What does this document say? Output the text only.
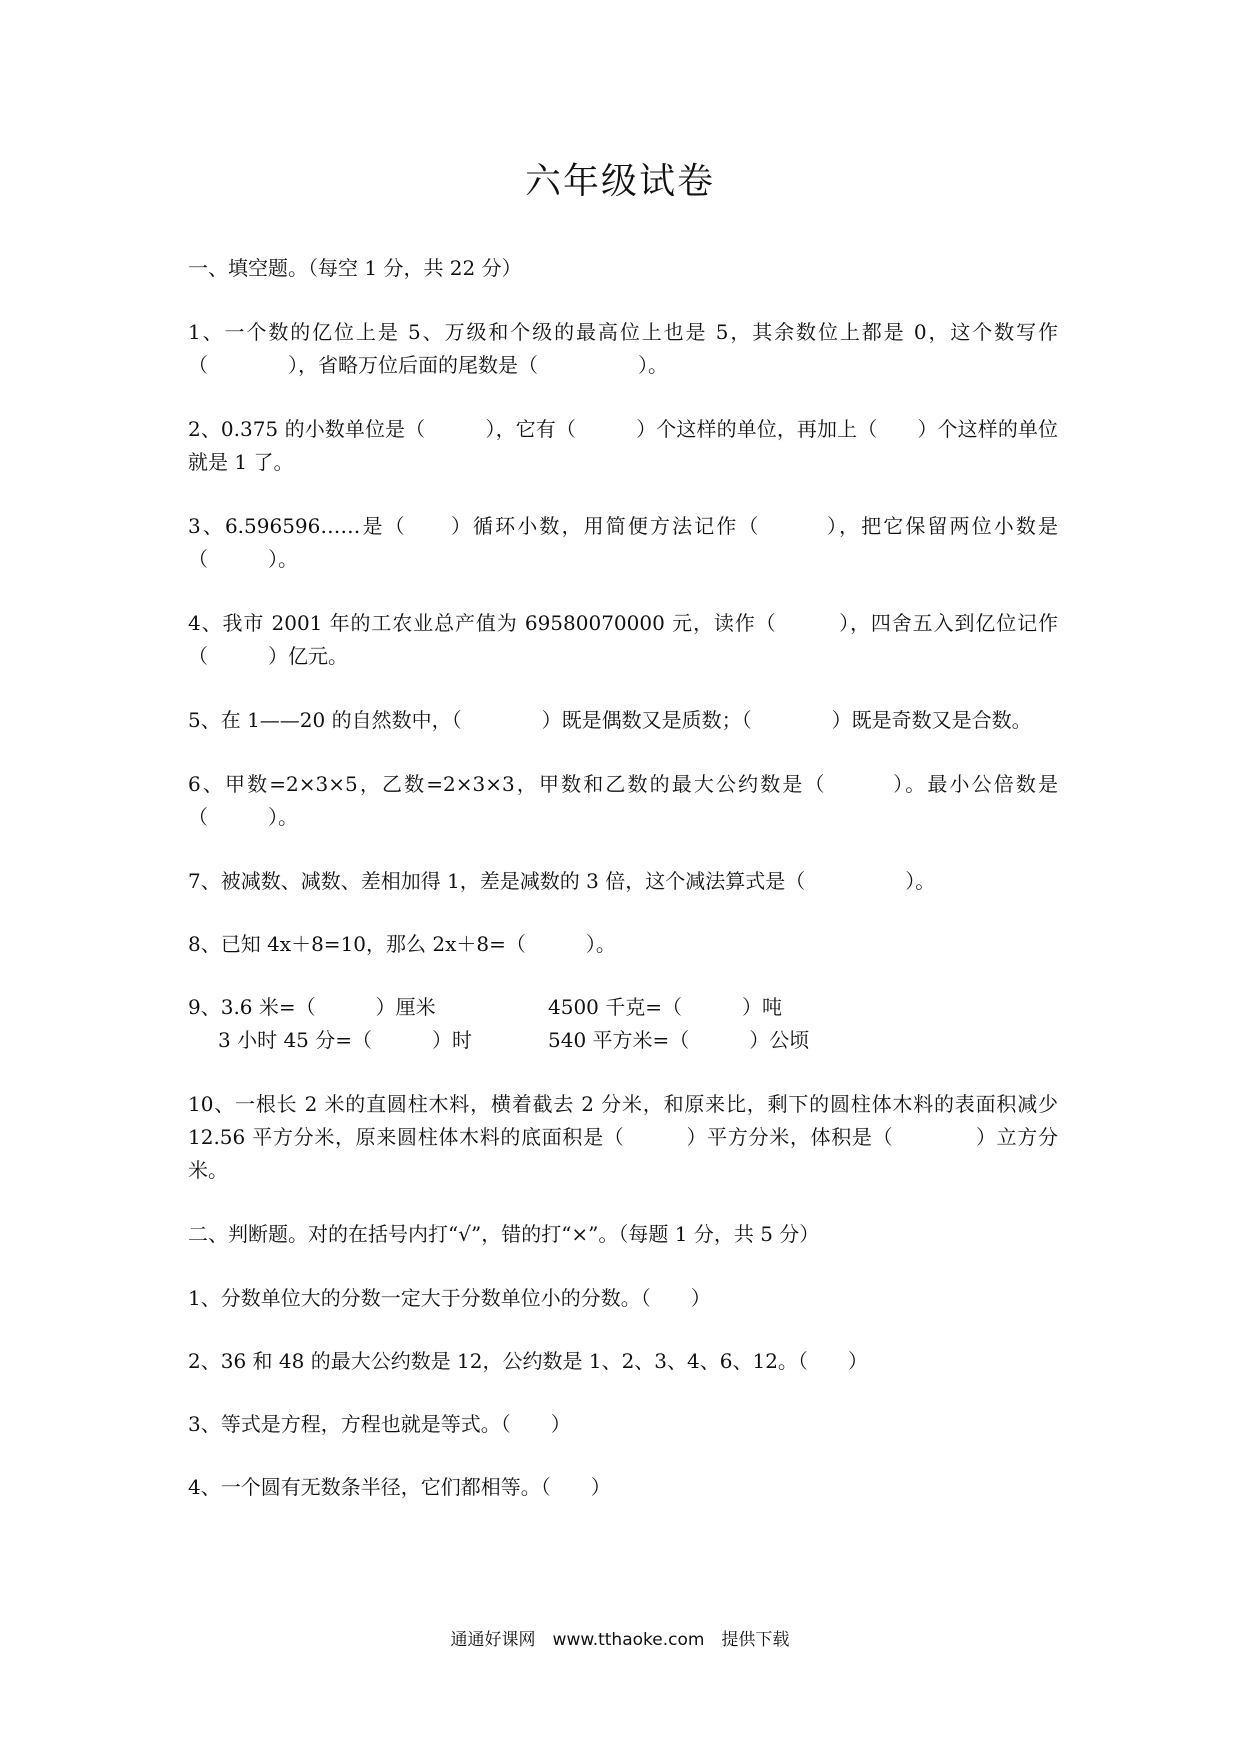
六年级试卷
一、填空题。（每空 1 分，共 22 分）
1、一个数的亿位上是 5、万级和个级的最高位上也是 5，其余数位上都是 0，这个数写作（　　　　），省略万位后面的尾数是（　　　　　）。
2、0.375 的小数单位是（　　　），它有（　　　）个这样的单位，再加上（　　）个这样的单位就是 1 了。
3、6.596596……是（　　）循环小数，用简便方法记作（　　　），把它保留两位小数是（　　　）。
4、我市 2001 年的工农业总产值为 69580070000 元，读作（　　　），四舍五入到亿位记作（　　　）亿元。
5、在 1——20 的自然数中，（　　　　）既是偶数又是质数；（　　　　）既是奇数又是合数。
6、甲数=2×3×5，乙数=2×3×3，甲数和乙数的最大公约数是（　　　）。最小公倍数是（　　　）。
7、被减数、减数、差相加得 1，差是减数的 3 倍，这个减法算式是（　　　　　）。
8、已知 4x＋8=10，那么 2x＋8=（　　　）。
9、3.6 米=（　　　）厘米	4500 千克=（　　　）吨
3 小时 45 分=（　　　）时	540 平方米=（　　　）公顷
10、一根长 2 米的直圆柱木料，横着截去 2 分米，和原来比，剩下的圆柱体木料的表面积减少 12.56 平方分米，原来圆柱体木料的底面积是（　　　）平方分米，体积是（　　　　）立方分米。
二、判断题。对的在括号内打“√”，错的打“×”。（每题 1 分，共 5 分）
1、分数单位大的分数一定大于分数单位小的分数。（　　）
2、36 和 48 的最大公约数是 12，公约数是 1、2、3、4、6、12。（　　）
3、等式是方程，方程也就是等式。（　　）
4、一个圆有无数条半径，它们都相等。（　　）
通通好课网　www.tthaoke.com　提供下载
